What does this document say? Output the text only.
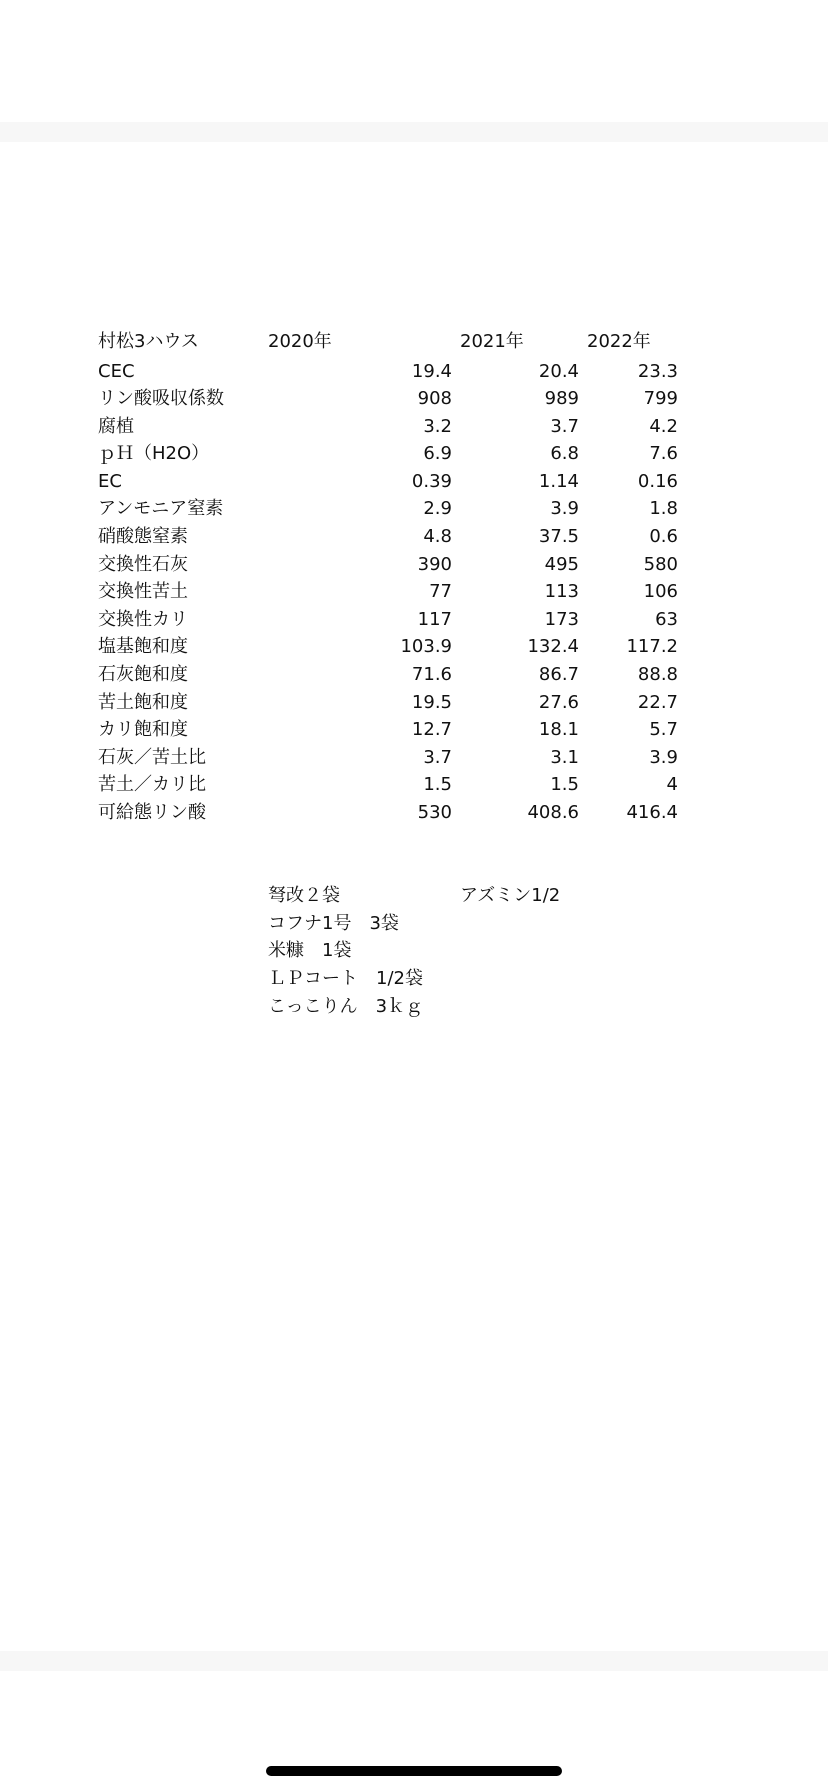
村松3ハウス	2020年	2021年	2022年
CEC	19.4	20.4	23.3
リン酸吸収係数	908	989	799
腐植	3.2	3.7	4.2
ｐＨ（H2O）	6.9	6.8	7.6
EC	0.39	1.14	0.16
アンモニア窒素	2.9	3.9	1.8
硝酸態窒素	4.8	37.5	0.6
交換性石灰	390	495	580
交換性苦土	77	113	106
交換性カリ	117	173	63
塩基飽和度	103.9	132.4	117.2
石灰飽和度	71.6	86.7	88.8
苦土飽和度	19.5	27.6	22.7
カリ飽和度	12.7	18.1	5.7
石灰／苦土比	3.7	3.1	3.9
苦土／カリ比	1.5	1.5	4
可給態リン酸	530	408.6	416.4
弩改２袋	アズミン1/2
コフナ1号　3袋
米糠　1袋
ＬＰコート　1/2袋
こっこりん　3ｋｇ
